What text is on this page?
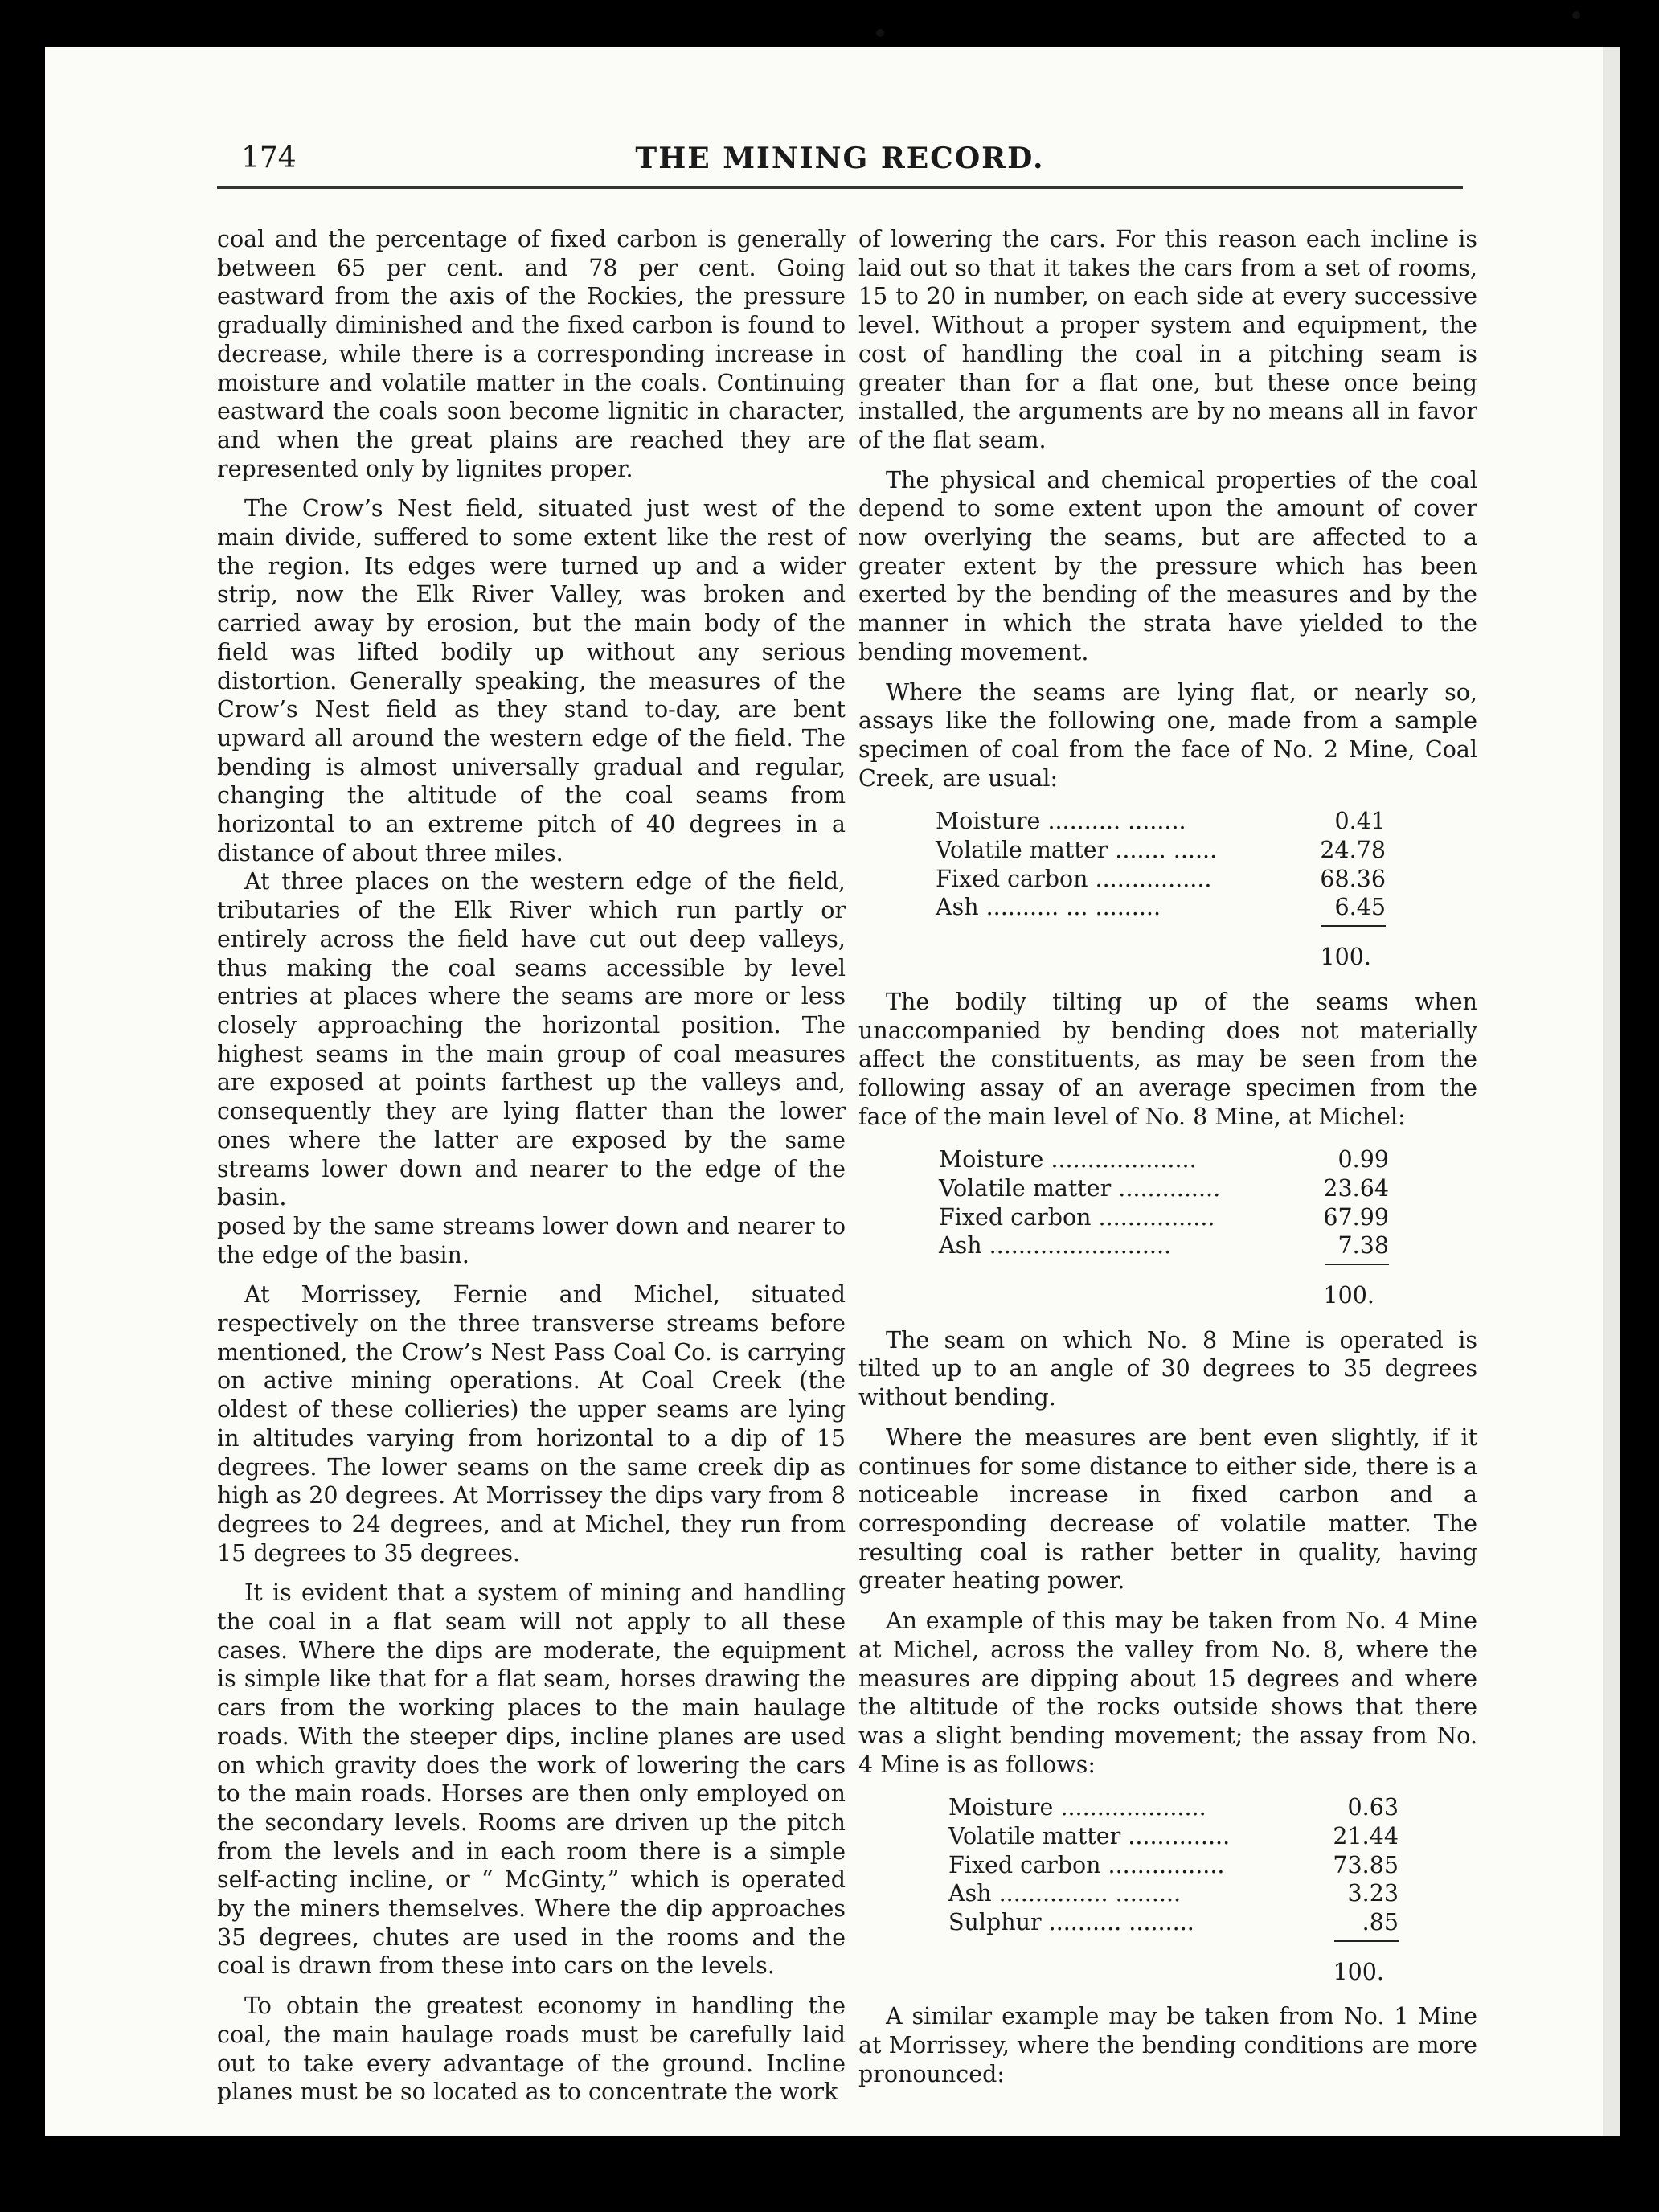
174	THE MINING RECORD.

coal and the percentage of fixed carbon is generally between 65 per cent. and 78 per cent. Going eastward from the axis of the Rockies, the pressure gradually diminished and the fixed carbon is found to decrease, while there is a corresponding increase in moisture and volatile matter in the coals. Continuing eastward the coals soon become lignitic in character, and when the great plains are reached they are represented only by lignites proper.

The Crow’s Nest field, situated just west of the main divide, suffered to some extent like the rest of the region. Its edges were turned up and a wider strip, now the Elk River Valley, was broken and carried away by erosion, but the main body of the field was lifted bodily up without any serious distortion. Generally speaking, the measures of the Crow’s Nest field as they stand to-day, are bent upward all around the western edge of the field. The bending is almost universally gradual and regular, changing the altitude of the coal seams from horizontal to an extreme pitch of 40 degrees in a distance of about three miles.

At three places on the western edge of the field, tributaries of the Elk River which run partly or entirely across the field have cut out deep valleys, thus making the coal seams accessible by level entries at places where the seams are more or less closely approaching the horizontal position. The highest seams in the main group of coal measures are exposed at points farthest up the valleys and, consequently they are lying flatter than the lower ones where the latter are exposed by the same streams lower down and nearer to the edge of the basin.

posed by the same streams lower down and nearer to the edge of the basin.

At Morrissey, Fernie and Michel, situated respectively on the three transverse streams before mentioned, the Crow’s Nest Pass Coal Co. is carrying on active mining operations. At Coal Creek (the oldest of these collieries) the upper seams are lying in altitudes varying from horizontal to a dip of 15 degrees. The lower seams on the same creek dip as high as 20 degrees. At Morrissey the dips vary from 8 degrees to 24 degrees, and at Michel, they run from 15 degrees to 35 degrees.

It is evident that a system of mining and handling the coal in a flat seam will not apply to all these cases. Where the dips are moderate, the equipment is simple like that for a flat seam, horses drawing the cars from the working places to the main haulage roads. With the steeper dips, incline planes are used on which gravity does the work of lowering the cars to the main roads. Horses are then only employed on the secondary levels. Rooms are driven up the pitch from the levels and in each room there is a simple self-acting incline, or “ McGinty,” which is operated by the miners themselves. Where the dip approaches 35 degrees, chutes are used in the rooms and the coal is drawn from these into cars on the levels.

To obtain the greatest economy in handling the coal, the main haulage roads must be carefully laid out to take every advantage of the ground. Incline planes must be so located as to concentrate the work

of lowering the cars. For this reason each incline is laid out so that it takes the cars from a set of rooms, 15 to 20 in number, on each side at every successive level. Without a proper system and equipment, the cost of handling the coal in a pitching seam is greater than for a flat one, but these once being installed, the arguments are by no means all in favor of the flat seam.

The physical and chemical properties of the coal depend to some extent upon the amount of cover now overlying the seams, but are affected to a greater extent by the pressure which has been exerted by the bending of the measures and by the manner in which the strata have yielded to the bending movement.

Where the seams are lying flat, or nearly so, assays like the following one, made from a sample specimen of coal from the face of No. 2 Mine, Coal Creek, are usual:

Moisture .......... ........	0.41
Volatile matter ....... ......	24.78
Fixed carbon ................	68.36
Ash .......... ... .........	6.45
100.

The bodily tilting up of the seams when unaccompanied by bending does not materially affect the constituents, as may be seen from the following assay of an average specimen from the face of the main level of No. 8 Mine, at Michel:

Moisture ....................	0.99
Volatile matter ..............	23.64
Fixed carbon ................	67.99
Ash .........................	7.38
100.

The seam on which No. 8 Mine is operated is tilted up to an angle of 30 degrees to 35 degrees without bending.

Where the measures are bent even slightly, if it continues for some distance to either side, there is a noticeable increase in fixed carbon and a corresponding decrease of volatile matter. The resulting coal is rather better in quality, having greater heating power.

An example of this may be taken from No. 4 Mine at Michel, across the valley from No. 8, where the measures are dipping about 15 degrees and where the altitude of the rocks outside shows that there was a slight bending movement; the assay from No. 4 Mine is as follows:

Moisture ....................	0.63
Volatile matter ..............	21.44
Fixed carbon ................	73.85
Ash ............... .........	3.23
Sulphur .......... .........	.85
100.

A similar example may be taken from No. 1 Mine at Morrissey, where the bending conditions are more pronounced:
